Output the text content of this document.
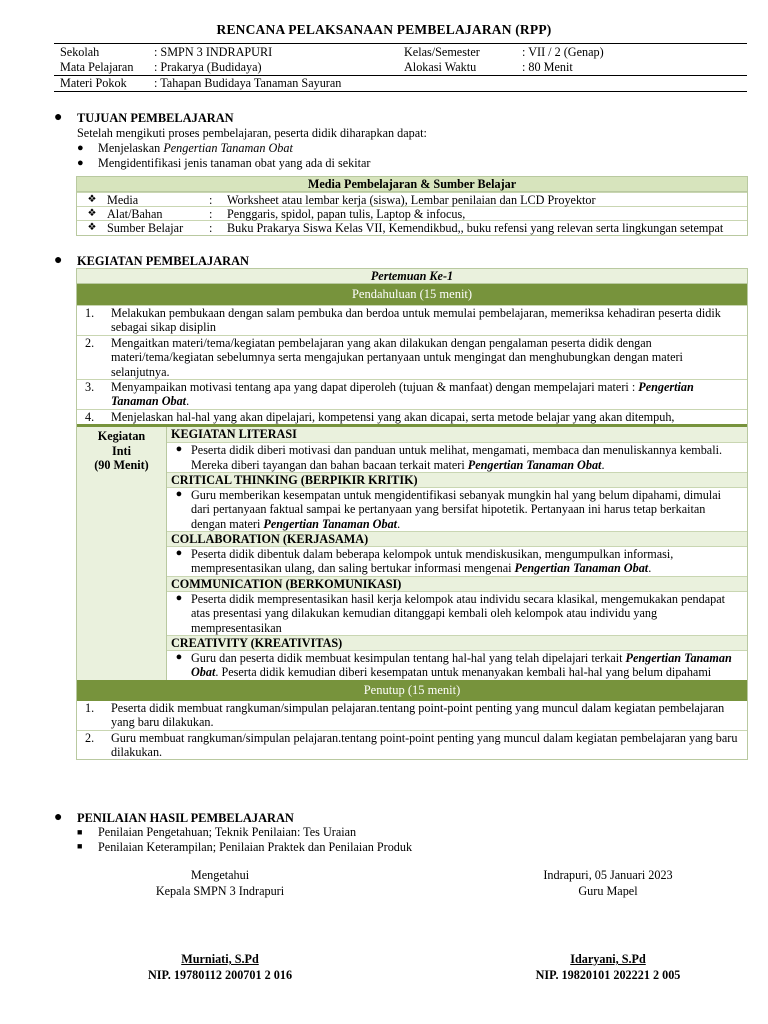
RENCANA PELAKSANAAN PEMBELAJARAN (RPP)
Sekolah	: SMPN 3 INDRAPURI	Kelas/Semester	: VII / 2 (Genap)
Mata Pelajaran	: Prakarya (Budidaya)	Alokasi Waktu	: 80 Menit
Materi Pokok	: Tahapan Budidaya Tanaman Sayuran
●	TUJUAN PEMBELAJARAN
Setelah mengikuti proses pembelajaran, peserta didik diharapkan dapat:
●	Menjelaskan Pengertian Tanaman Obat
●	Mengidentifikasi jenis tanaman obat yang ada di sekitar
Media Pembelajaran & Sumber Belajar
❖ Media	:	Worksheet atau lembar kerja (siswa), Lembar penilaian dan LCD Proyektor
❖ Alat/Bahan	:	Penggaris, spidol, papan tulis, Laptop & infocus,
❖ Sumber Belajar	:	Buku Prakarya Siswa Kelas VII, Kemendikbud,, buku refensi yang relevan serta lingkungan setempat
●	KEGIATAN PEMBELAJARAN
Pertemuan Ke-1
Pendahuluan (15 menit)
1.	Melakukan pembukaan dengan salam pembuka dan berdoa untuk memulai pembelajaran, memeriksa kehadiran peserta didik sebagai sikap disiplin
2.	Mengaitkan materi/tema/kegiatan pembelajaran yang akan dilakukan dengan pengalaman peserta didik dengan materi/tema/kegiatan sebelumnya serta mengajukan pertanyaan untuk mengingat dan menghubungkan dengan materi selanjutnya.
3.	Menyampaikan motivasi tentang apa yang dapat diperoleh (tujuan & manfaat) dengan mempelajari materi : Pengertian Tanaman Obat.
4.	Menjelaskan hal-hal yang akan dipelajari, kompetensi yang akan dicapai, serta metode belajar yang akan ditempuh,
Kegiatan Inti
(90 Menit)
KEGIATAN LITERASI
● Peserta didik diberi motivasi dan panduan untuk melihat, mengamati, membaca dan menuliskannya kembali. Mereka diberi tayangan dan bahan bacaan terkait materi Pengertian Tanaman Obat.
CRITICAL THINKING (BERPIKIR KRITIK)
● Guru memberikan kesempatan untuk mengidentifikasi sebanyak mungkin hal yang belum dipahami, dimulai dari pertanyaan faktual sampai ke pertanyaan yang bersifat hipotetik. Pertanyaan ini harus tetap berkaitan dengan materi Pengertian Tanaman Obat.
COLLABORATION (KERJASAMA)
● Peserta didik dibentuk dalam beberapa kelompok untuk mendiskusikan, mengumpulkan informasi, mempresentasikan ulang, dan saling bertukar informasi mengenai Pengertian Tanaman Obat.
COMMUNICATION (BERKOMUNIKASI)
● Peserta didik mempresentasikan hasil kerja kelompok atau individu secara klasikal, mengemukakan pendapat atas presentasi yang dilakukan kemudian ditanggapi kembali oleh kelompok atau individu yang mempresentasikan
CREATIVITY (KREATIVITAS)
● Guru dan peserta didik membuat kesimpulan tentang hal-hal yang telah dipelajari terkait Pengertian Tanaman Obat. Peserta didik kemudian diberi kesempatan untuk menanyakan kembali hal-hal yang belum dipahami
Penutup (15 menit)
1.	Peserta didik membuat rangkuman/simpulan pelajaran.tentang point-point penting yang muncul dalam kegiatan pembelajaran yang baru dilakukan.
2.	Guru membuat rangkuman/simpulan pelajaran.tentang point-point penting yang muncul dalam kegiatan pembelajaran yang baru dilakukan.
●	PENILAIAN HASIL PEMBELAJARAN
■	Penilaian Pengetahuan; Teknik Penilaian: Tes Uraian
■	Penilaian Keterampilan; Penilaian Praktek dan Penilaian Produk
Mengetahui
Kepala SMPN 3 Indrapuri
Murniati, S.Pd
NIP. 19780112 200701 2 016
Indrapuri, 05 Januari 2023
Guru Mapel
Idaryani, S.Pd
NIP. 19820101 202221 2 005
